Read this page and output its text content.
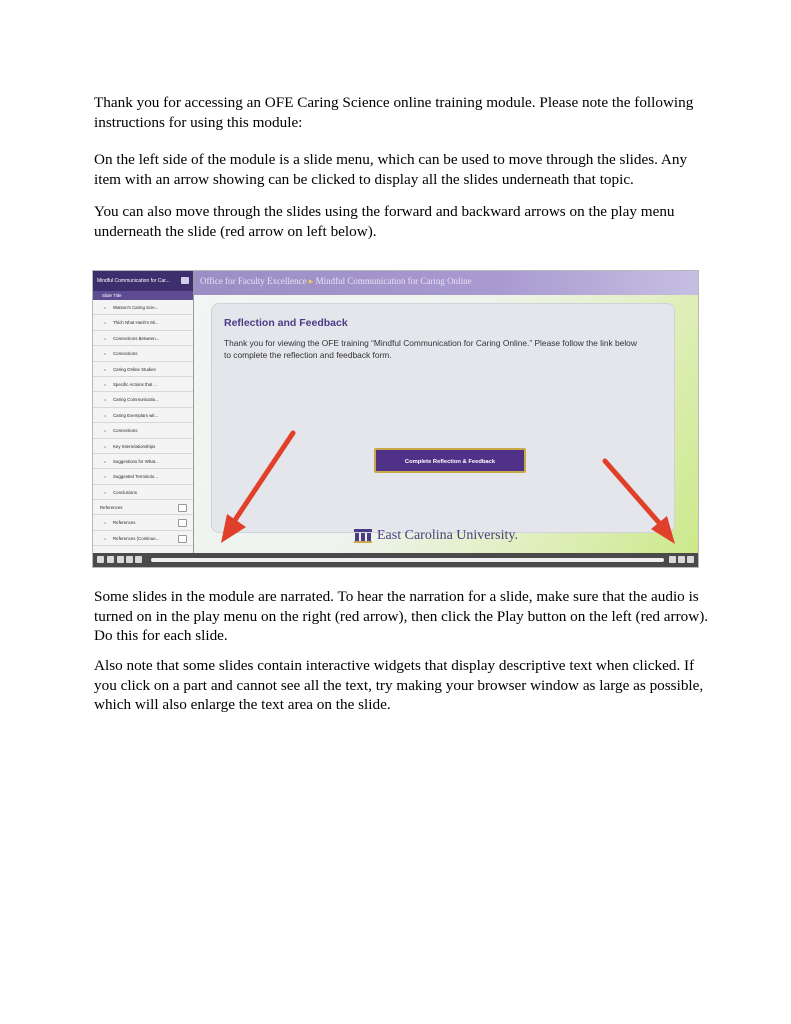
Thank you for accessing an OFE Caring Science online training module. Please note the following instructions for using this module:

On the left side of the module is a slide menu, which can be used to move through the slides. Any item with an arrow showing can be clicked to display all the slides underneath that topic.

You can also move through the slides using the forward and backward arrows on the play menu underneath the slide (red arrow on left below).

Mindful Communication for Car...
Slide Title
Watson's Caring Scie...
Thich Nhat Hanh's Mi...
Connections Between...
Connections
Caring Online Studies
Specific Actions that ...
Caring Communicatio...
Caring Exemplars wit...
Connections
Key Interrelationships
Suggestions for What...
Suggested Terminolo...
Conclusions
References
References
References (Continue...
Office for Faculty Excellence ▸ Mindful Communication for Caring Online
Reflection and Feedback

Thank you for viewing the OFE training “Mindful Communication for Caring Online.” Please follow the link below to complete the reflection and feedback form.

Complete Reflection & Feedback
East Carolina University.

Some slides in the module are narrated. To hear the narration for a slide, make sure that the audio is turned on in the play menu on the right (red arrow), then click the Play button on the left (red arrow). Do this for each slide.

Also note that some slides contain interactive widgets that display descriptive text when clicked. If you click on a part and cannot see all the text, try making your browser window as large as possible, which will also enlarge the text area on the slide.
